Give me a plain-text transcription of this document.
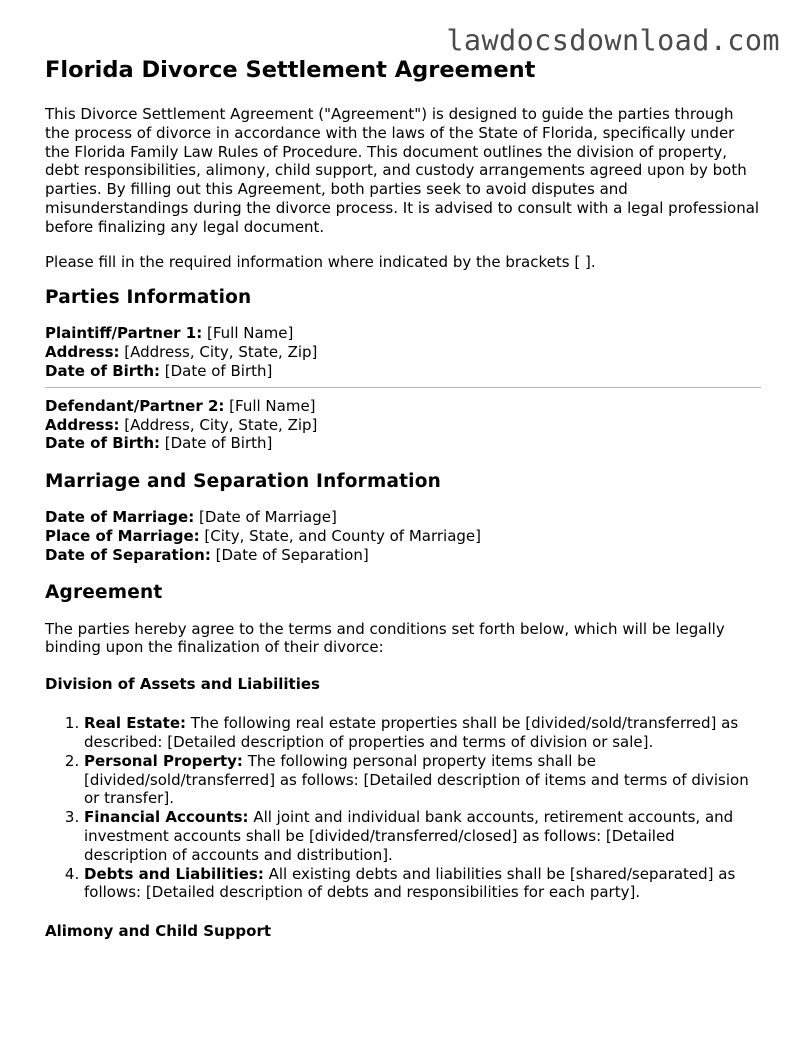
lawdocsdownload.com
Florida Divorce Settlement Agreement

This Divorce Settlement Agreement ("Agreement") is designed to guide the parties through the process of divorce in accordance with the laws of the State of Florida, specifically under the Florida Family Law Rules of Procedure. This document outlines the division of property, debt responsibilities, alimony, child support, and custody arrangements agreed upon by both parties. By filling out this Agreement, both parties seek to avoid disputes and misunderstandings during the divorce process. It is advised to consult with a legal professional before finalizing any legal document.

Please fill in the required information where indicated by the brackets [ ].

Parties Information
Plaintiff/Partner 1: [Full Name]
Address: [Address, City, State, Zip]
Date of Birth: [Date of Birth]
Defendant/Partner 2: [Full Name]
Address: [Address, City, State, Zip]
Date of Birth: [Date of Birth]
Marriage and Separation Information
Date of Marriage: [Date of Marriage]
Place of Marriage: [City, State, and County of Marriage]
Date of Separation: [Date of Separation]
Agreement

The parties hereby agree to the terms and conditions set forth below, which will be legally binding upon the finalization of their divorce:

Division of Assets and Liabilities
1. Real Estate: The following real estate properties shall be [divided/sold/transferred] as described: [Detailed description of properties and terms of division or sale].
2. Personal Property: The following personal property items shall be [divided/sold/transferred] as follows: [Detailed description of items and terms of division or transfer].
3. Financial Accounts: All joint and individual bank accounts, retirement accounts, and investment accounts shall be [divided/transferred/closed] as follows: [Detailed description of accounts and distribution].
4. Debts and Liabilities: All existing debts and liabilities shall be [shared/separated] as follows: [Detailed description of debts and responsibilities for each party].
Alimony and Child Support
